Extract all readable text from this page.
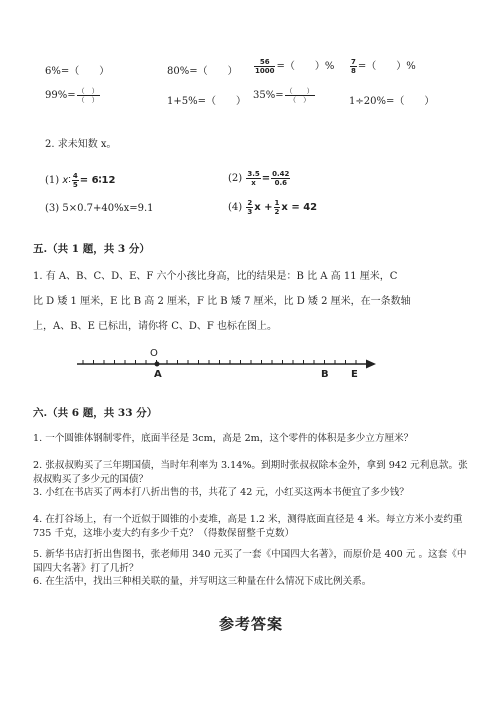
6%=（　　）	80%=（　　） $\frac{56}{1000}$ =（　　）% $\frac{7}{8}$ =（　　）%
$99\%= \frac{( )}{( )}$	1+5%=（　　）
$35\%= \frac{( )}{( )}$	1÷20%=（　　）
2. 求未知数 x。
(1) x∶ $\frac{4}{5}$ = 6∶12	$(2) \frac{3.5}{x} = \frac{0.42}{0.6}$
(3) 5×0.7+40%x=9.1	$(4) \frac{2}{3}$ $x + \frac{1}{2}$ x = 42
五.（共 1 题，共 3 分）
1. 有 A、B、C、D、E、F 六个小孩比身高，比的结果是：B 比 A 高 11 厘米，C
比 D 矮 1 厘米，E 比 B 高 2 厘米，F 比 B 矮 7 厘米，比 D 矮 2 厘米，在一条数轴
上，A、B、E 已标出，请你将 C、D、F 也标在图上。
O
A	B E
六.（共 6 题，共 33 分）
1. 一个圆锥体钢制零件，底面半径是 3cm，高是 2m，这个零件的体积是多少立方厘米？
2. 张叔叔购买了三年期国债，当时年利率为 3.14%。到期时张叔叔除本金外，拿到 942 元利息款。张叔叔购买了多少元的国债？
3. 小红在书店买了两本打八折出售的书，共花了 42 元，小红买这两本书便宜了多少钱？
4. 在打谷场上，有一个近似于圆锥的小麦堆，高是 1.2 米，测得底面直径是 4 米。每立方米小麦约重 735 千克，这堆小麦大约有多少千克？（得数保留整千克数）
5. 新华书店打折出售图书，张老师用 340 元买了一套《中国四大名著》，而原价是 400 元 。这套《中国四大名著》打了几折？
6. 在生活中，找出三种相关联的量，并写明这三种量在什么情况下成比例关系。
参考答案
